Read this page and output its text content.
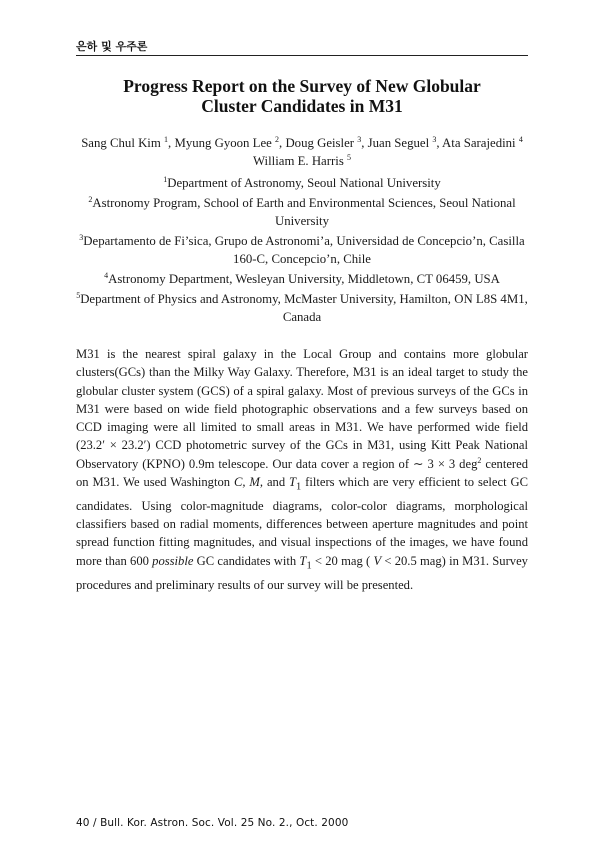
은하 및 우주론
Progress Report on the Survey of New Globular
Cluster Candidates in M31
Sang Chul Kim $^1$, Myung Gyoon Lee $^2$, Doug Geisler $^3$, Juan Seguel $^3$, Ata Sarajedini $^4$
William E. Harris $^5$
$^1$Department of Astronomy, Seoul National University
$^2$Astronomy Program, School of Earth and Environmental Sciences, Seoul National University
$^3$Departamento de Fi’sica, Grupo de Astronomi’a, Universidad de Concepcio’n, Casilla 160-C, Concepcio’n, Chile
$^4$Astronomy Department, Wesleyan University, Middletown, CT 06459, USA
$^5$Department of Physics and Astronomy, McMaster University, Hamilton, ON L8S 4M1, Canada

M31 is the nearest spiral galaxy in the Local Group and contains more globular clusters(GCs) than the Milky Way Galaxy. Therefore, M31 is an ideal target to study the globular cluster system (GCS) of a spiral galaxy. Most of previous surveys of the GCs in M31 were based on wide field photographic observations and a few surveys based on CCD imaging were all limited to small areas in M31. We have performed wide field (23.2′ × 23.2′) CCD photometric survey of the GCs in M31, using Kitt Peak National Observatory (KPNO) 0.9m telescope. Our data cover a region of ∼ 3 × 3 deg$^2$ centered on M31. We used Washington C, M, and $T_1$ filters which are very efficient to select GC candidates. Using color-magnitude diagrams, color-color diagrams, morphological classifiers based on radial moments, differences between aperture magnitudes and point spread function fitting magnitudes, and visual inspections of the images, we have found more than 600 possible GC candidates with $T_1 < 20$ mag ( V < 20.5 mag) in M31. Survey procedures and preliminary results of our survey will be presented.

40 / Bull. Kor. Astron. Soc. Vol. 25 No. 2., Oct. 2000
